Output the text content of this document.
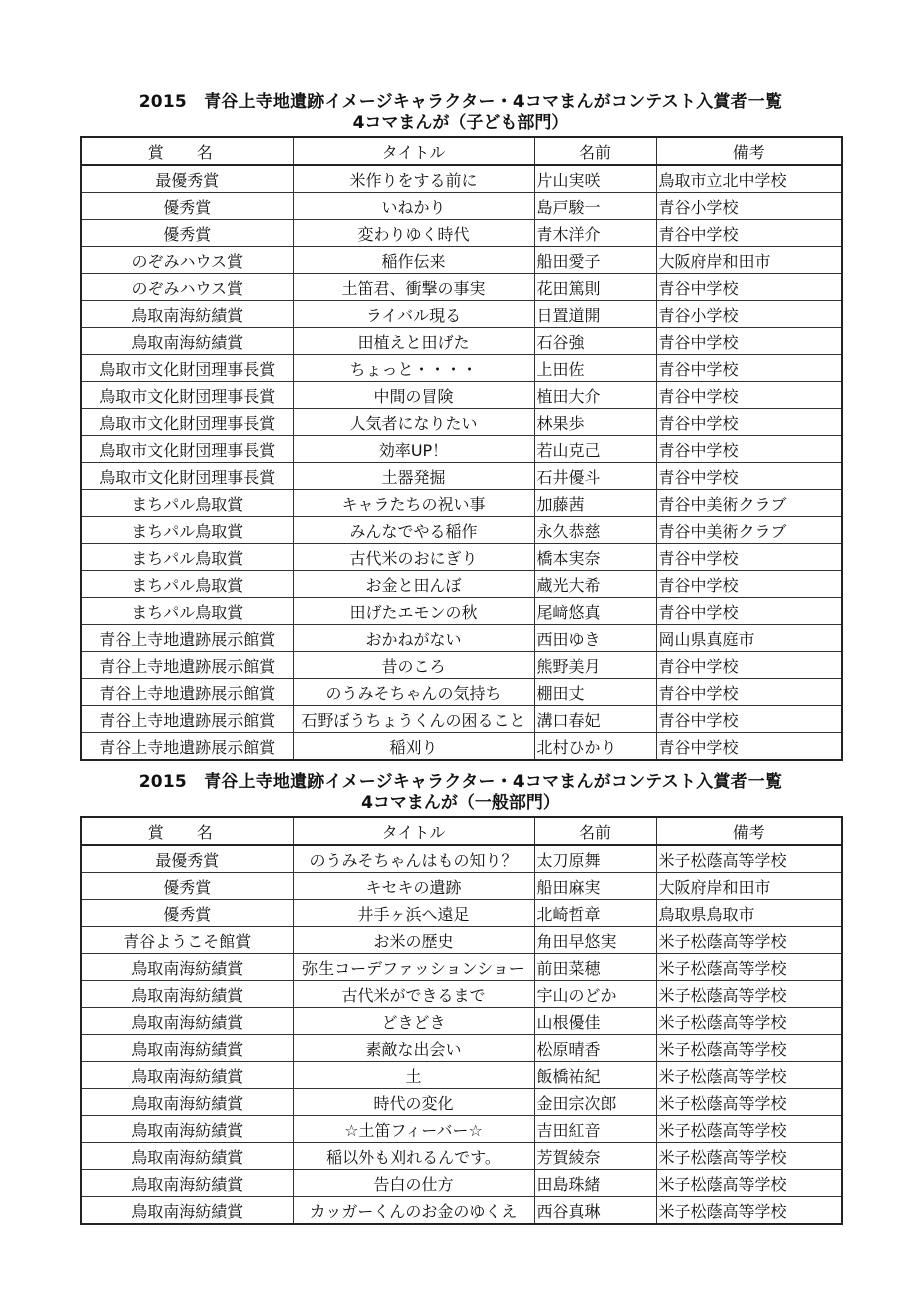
2015　青谷上寺地遺跡イメージキャラクター・4コマまんがコンテスト入賞者一覧
4コマまんが（子ども部門）
賞 名	タイトル	名前	備考
最優秀賞	米作りをする前に	片山実咲	鳥取市立北中学校
優秀賞	いねかり	島戸駿一	青谷小学校
優秀賞	変わりゆく時代	青木洋介	青谷中学校
のぞみハウス賞	稲作伝来	船田愛子	大阪府岸和田市
のぞみハウス賞	土笛君、衝撃の事実	花田篤則	青谷中学校
鳥取南海紡績賞	ライバル現る	日置道開	青谷小学校
鳥取南海紡績賞	田植えと田げた	石谷強	青谷中学校
鳥取市文化財団理事長賞	ちょっと・・・・	上田佐	青谷中学校
鳥取市文化財団理事長賞	中間の冒険	植田大介	青谷中学校
鳥取市文化財団理事長賞	人気者になりたい	林果歩	青谷中学校
鳥取市文化財団理事長賞	効率UP！	若山克己	青谷中学校
鳥取市文化財団理事長賞	土器発掘	石井優斗	青谷中学校
まちパル鳥取賞	キャラたちの祝い事	加藤茜	青谷中美術クラブ
まちパル鳥取賞	みんなでやる稲作	永久恭慈	青谷中美術クラブ
まちパル鳥取賞	古代米のおにぎり	橋本実奈	青谷中学校
まちパル鳥取賞	お金と田んぼ	蔵光大希	青谷中学校
まちパル鳥取賞	田げたエモンの秋	尾﨑悠真	青谷中学校
青谷上寺地遺跡展示館賞	おかねがない	西田ゆき	岡山県真庭市
青谷上寺地遺跡展示館賞	昔のころ	熊野美月	青谷中学校
青谷上寺地遺跡展示館賞	のうみそちゃんの気持ち	棚田丈	青谷中学校
青谷上寺地遺跡展示館賞	石野ぼうちょうくんの困ること	溝口春妃	青谷中学校
青谷上寺地遺跡展示館賞	稲刈り	北村ひかり	青谷中学校
2015　青谷上寺地遺跡イメージキャラクター・4コマまんがコンテスト入賞者一覧
4コマまんが（一般部門）
賞 名	タイトル	名前	備考
最優秀賞	のうみそちゃんはもの知り？	太刀原舞	米子松蔭高等学校
優秀賞	キセキの遺跡	船田麻実	大阪府岸和田市
優秀賞	井手ヶ浜へ遠足	北崎哲章	鳥取県鳥取市
青谷ようこそ館賞	お米の歴史	角田早悠実	米子松蔭高等学校
鳥取南海紡績賞	弥生コーデファッションショー	前田菜穂	米子松蔭高等学校
鳥取南海紡績賞	古代米ができるまで	宇山のどか	米子松蔭高等学校
鳥取南海紡績賞	どきどき	山根優佳	米子松蔭高等学校
鳥取南海紡績賞	素敵な出会い	松原晴香	米子松蔭高等学校
鳥取南海紡績賞	土	飯橋祐紀	米子松蔭高等学校
鳥取南海紡績賞	時代の変化	金田宗次郎	米子松蔭高等学校
鳥取南海紡績賞	☆土笛フィーバー☆	吉田紅音	米子松蔭高等学校
鳥取南海紡績賞	稲以外も刈れるんです。	芳賀綾奈	米子松蔭高等学校
鳥取南海紡績賞	告白の仕方	田島珠緒	米子松蔭高等学校
鳥取南海紡績賞	カッガーくんのお金のゆくえ	西谷真琳	米子松蔭高等学校
